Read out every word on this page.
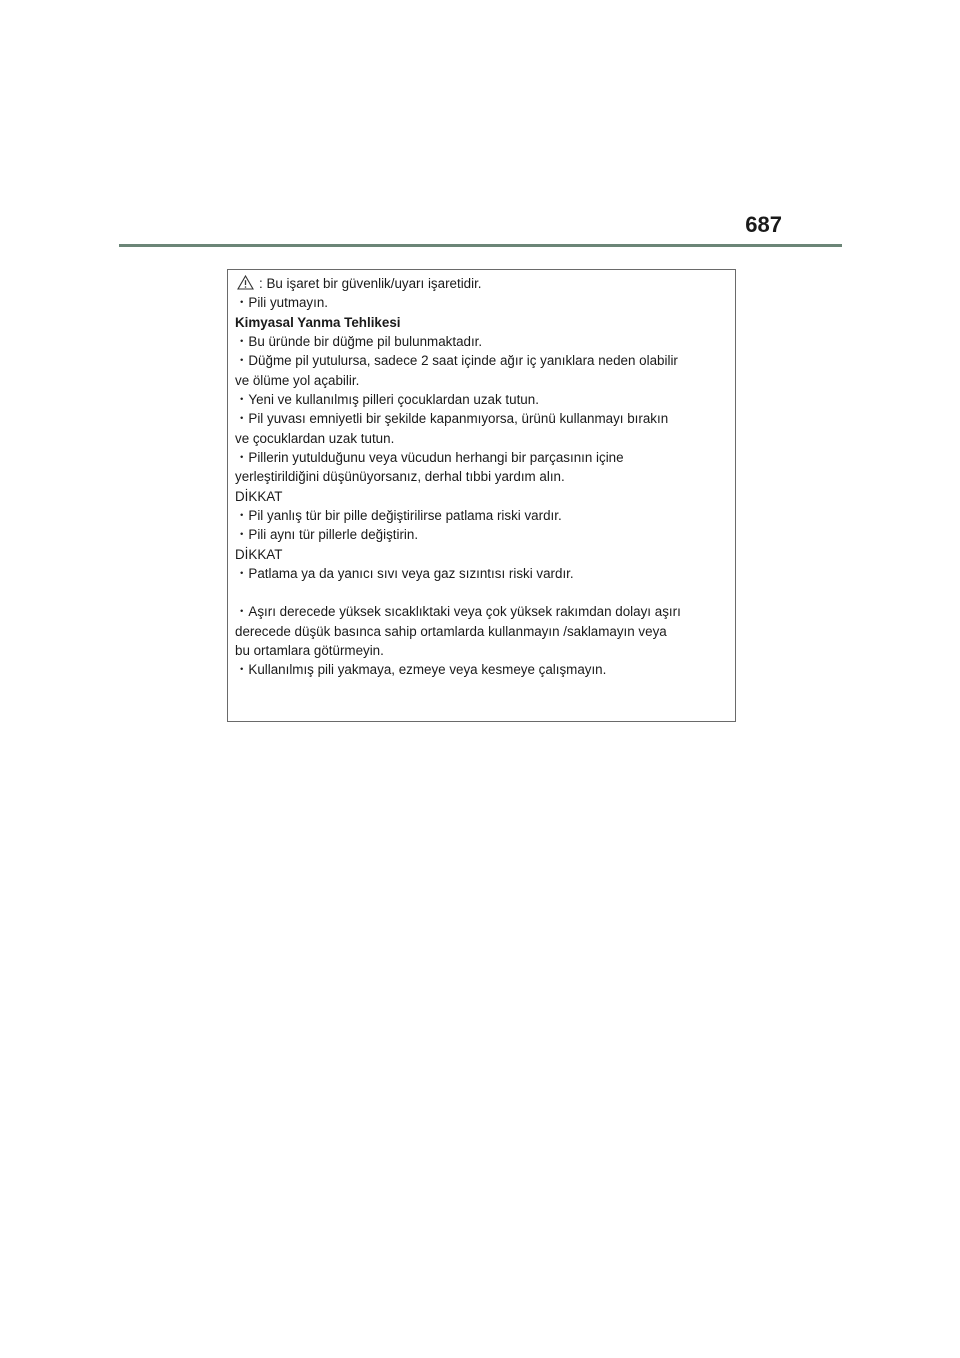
687
: Bu işaret bir güvenlik/uyarı işaretidir.
・Pili yutmayın.
Kimyasal Yanma Tehlikesi
・Bu üründe bir düğme pil bulunmaktadır.
・Düğme pil yutulursa, sadece 2 saat içinde ağır iç yanıklara neden olabilir
ve ölüme yol açabilir.
・Yeni ve kullanılmış pilleri çocuklardan uzak tutun.
・Pil yuvası emniyetli bir şekilde kapanmıyorsa, ürünü kullanmayı bırakın
ve çocuklardan uzak tutun.
・Pillerin yutulduğunu veya vücudun herhangi bir parçasının içine
yerleştirildiğini düşünüyorsanız, derhal tıbbi yardım alın.
DİKKAT
・Pil yanlış tür bir pille değiştirilirse patlama riski vardır.
・Pili aynı tür pillerle değiştirin.
DİKKAT
・Patlama ya da yanıcı sıvı veya gaz sızıntısı riski vardır.
・Aşırı derecede yüksek sıcaklıktaki veya çok yüksek rakımdan dolayı aşırı
derecede düşük basınca sahip ortamlarda kullanmayın /saklamayın veya
bu ortamlara götürmeyin.
・Kullanılmış pili yakmaya, ezmeye veya kesmeye çalışmayın.
